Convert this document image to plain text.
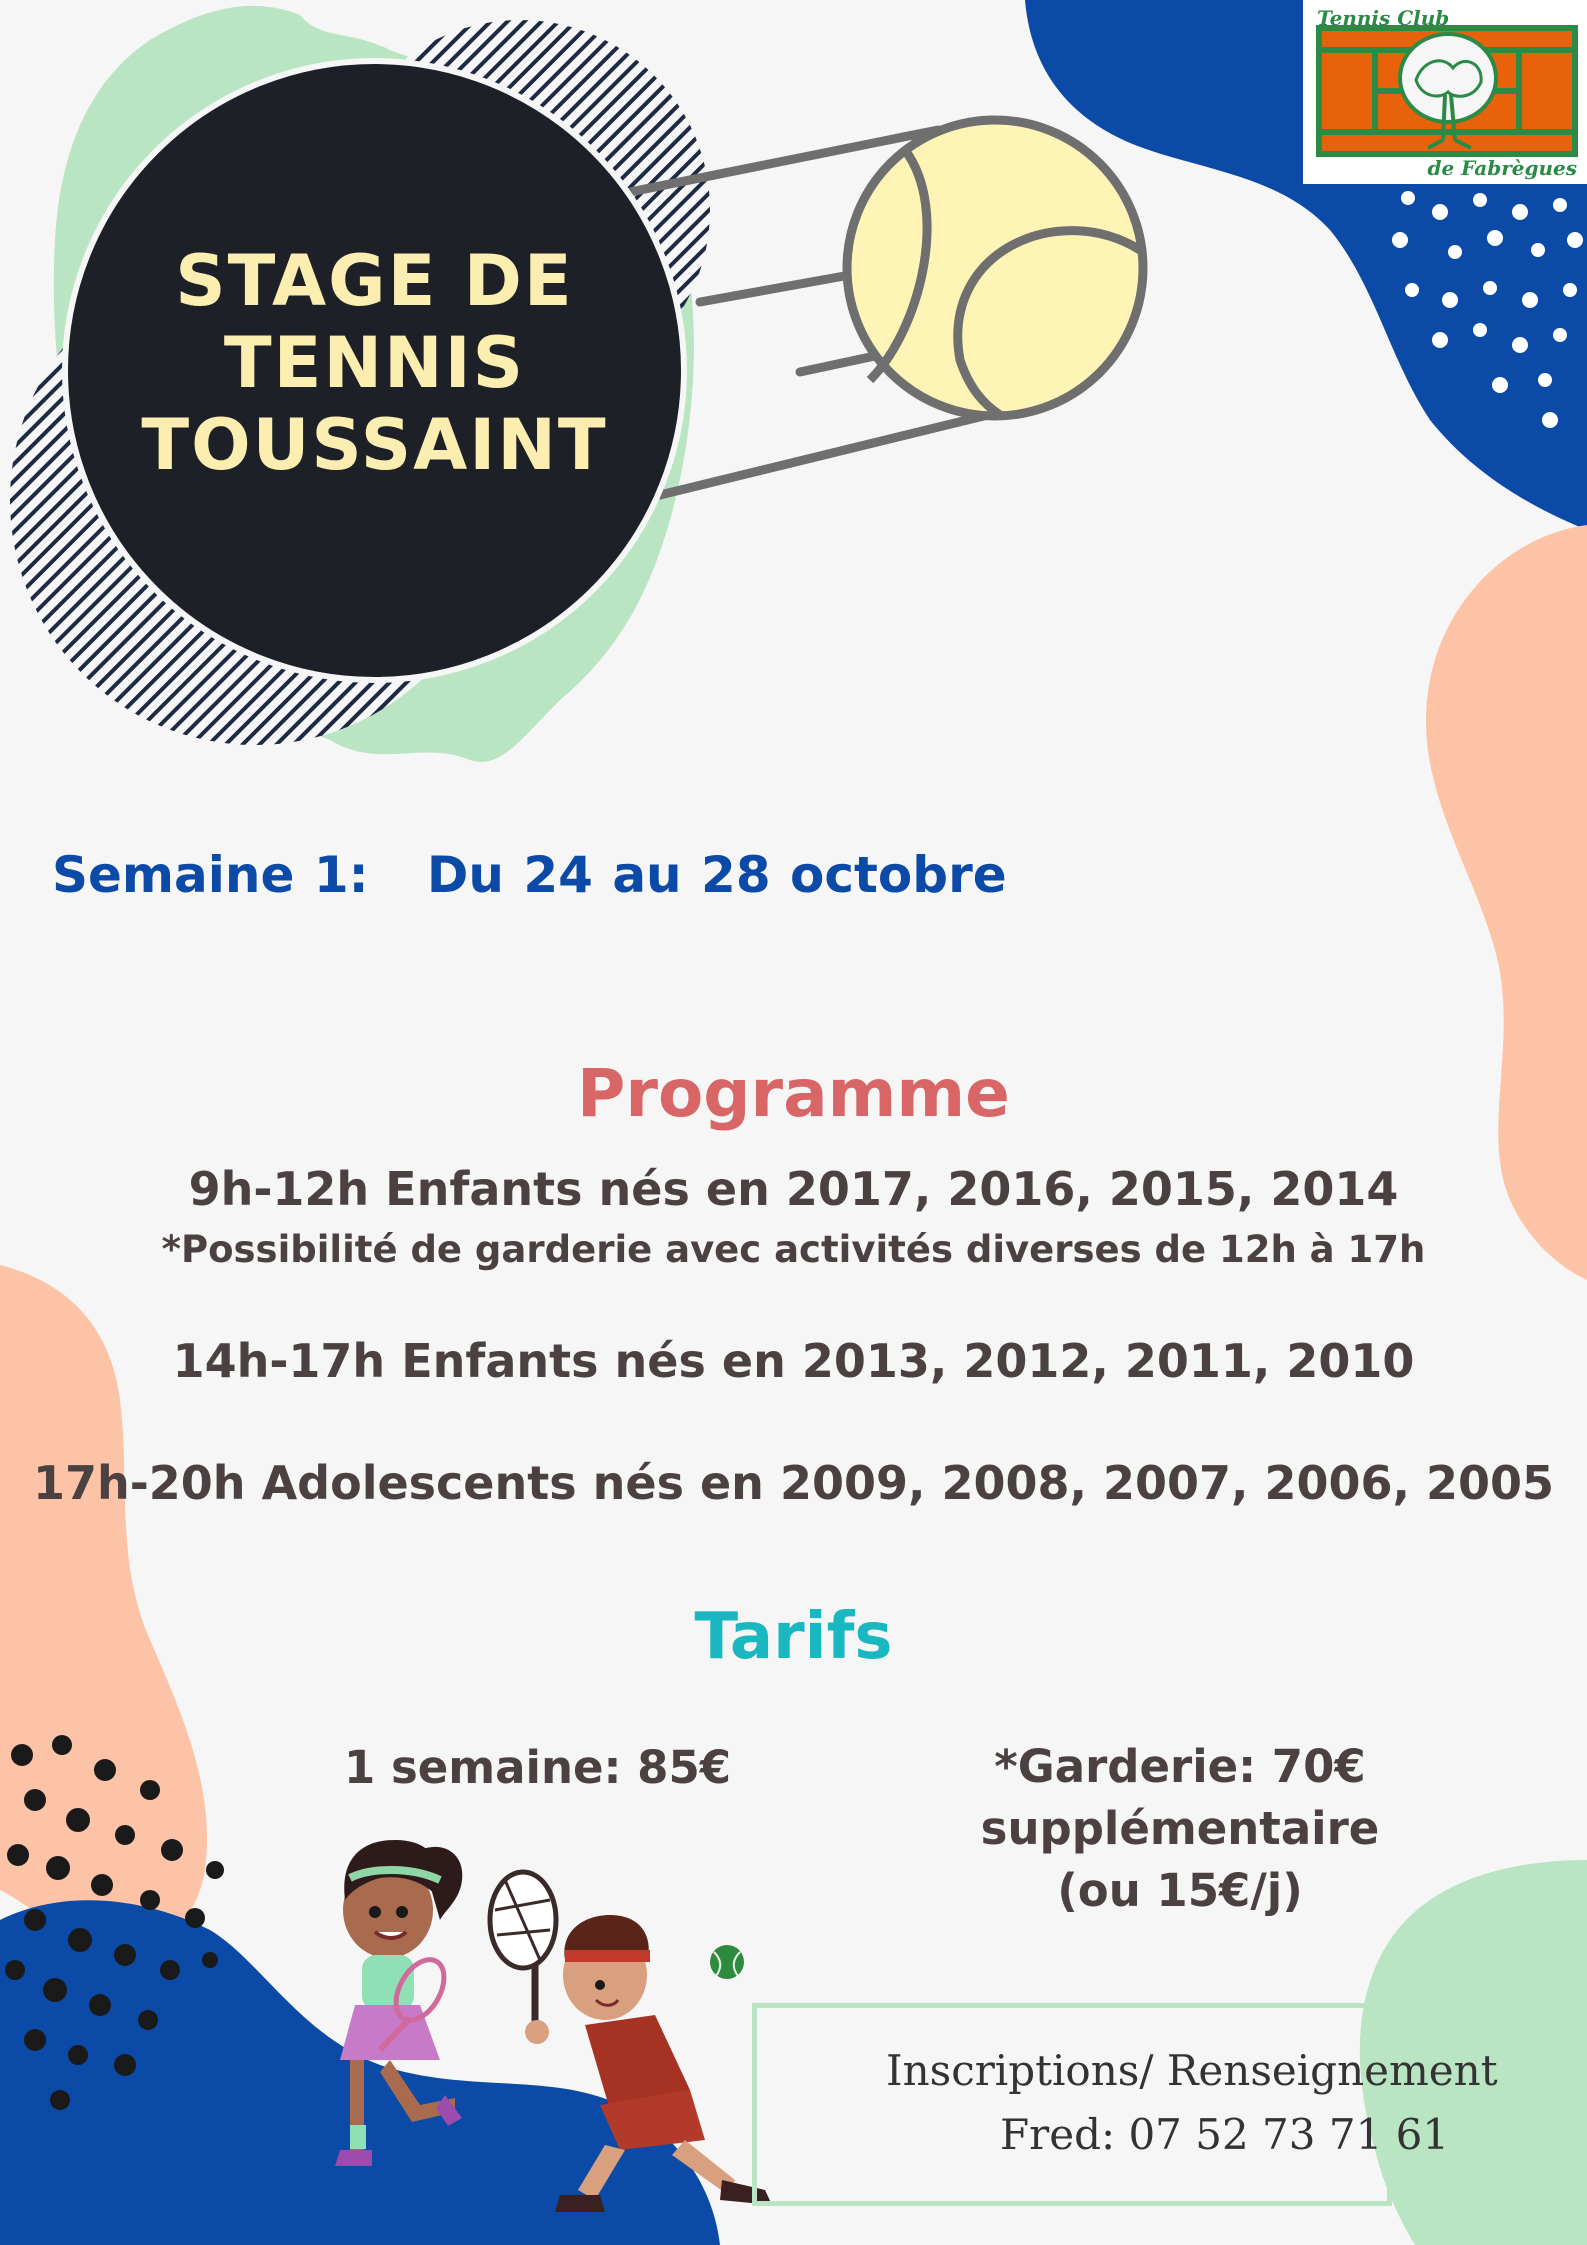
STAGE DE
TENNIS
TOUSSAINT
Tennis Club
de Fabrègues

Semaine 1:   Du 24 au 28 octobre

Programme

9h-12h Enfants nés en 2017, 2016, 2015, 2014

*Possibilité de garderie avec activités diverses de 12h à 17h

14h-17h Enfants nés en 2013, 2012, 2011, 2010

17h-20h Adolescents nés en 2009, 2008, 2007, 2006, 2005

Tarifs

1 semaine: 85€	*Garderie: 70€ supplémentaire
(ou 15€/j)

Inscriptions/ Renseignement

Fred: 07 52 73 71 61
